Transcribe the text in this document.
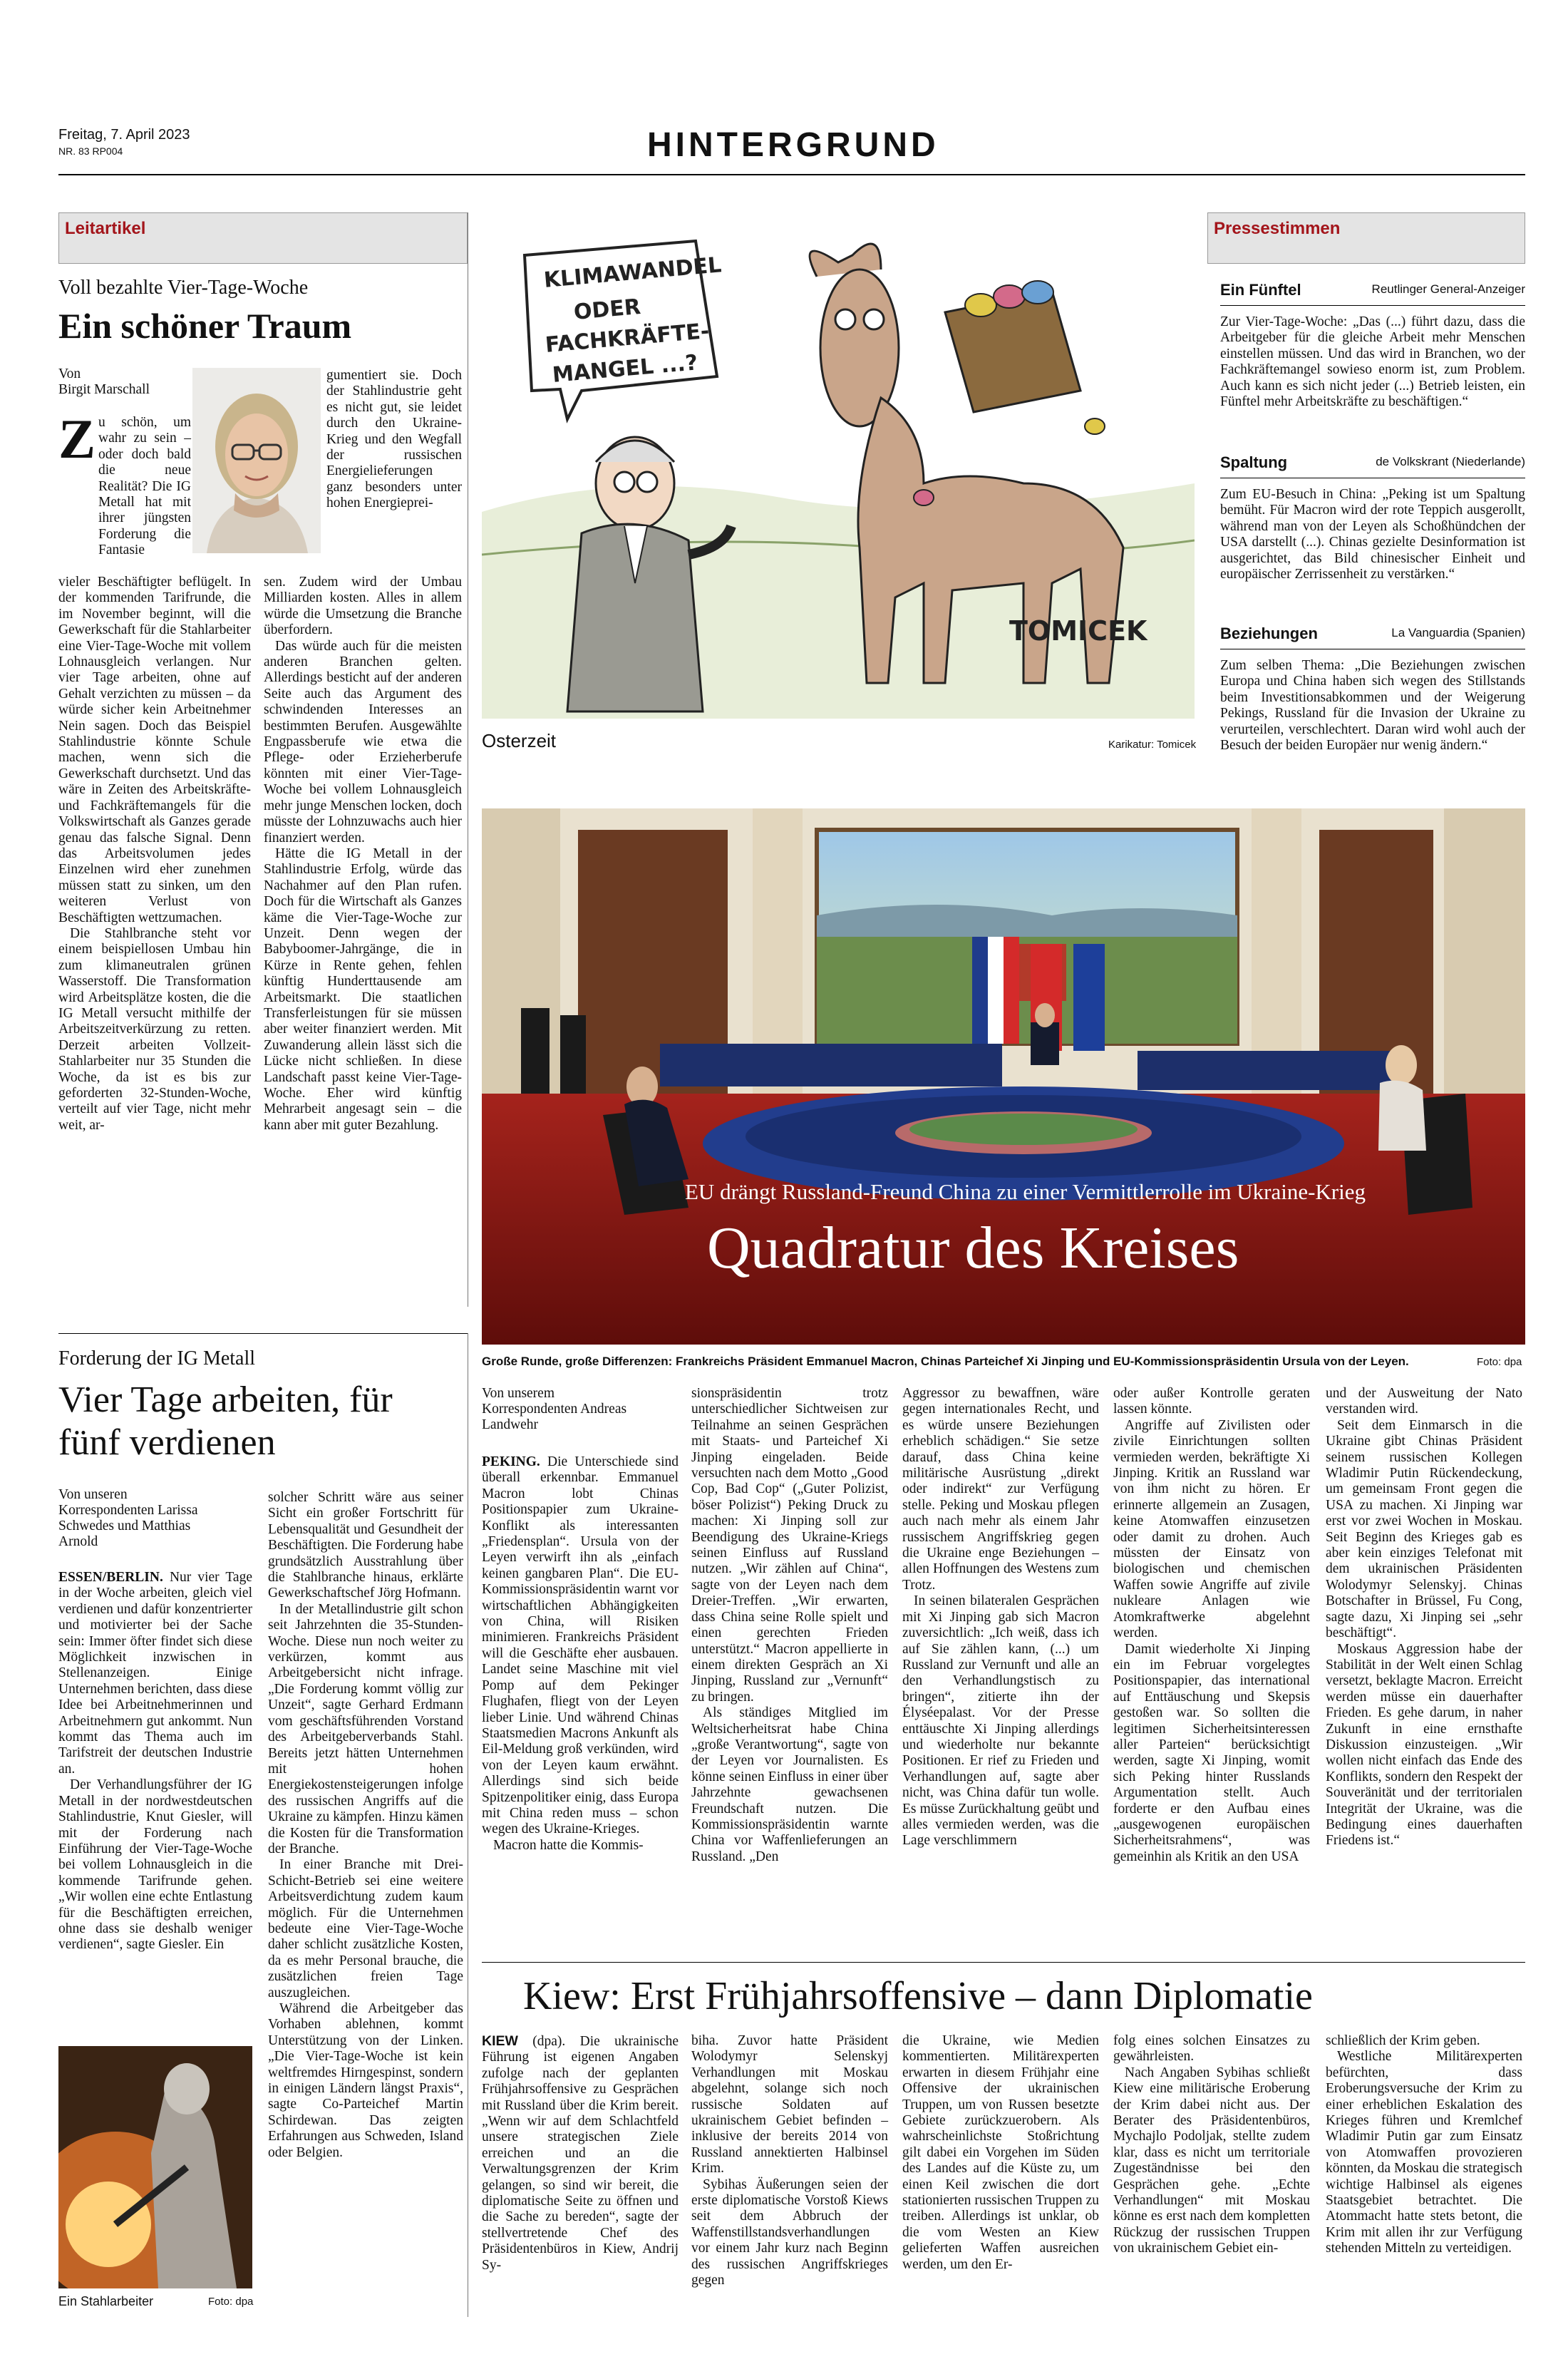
Freitag, 7. April 2023
NR. 83 RP004	HINTERGRUND
Leitartikel
Voll bezahlte Vier-Tage-Woche
Ein schöner Traum
Von
Birgit Marschall

Z u schön, um wahr zu sein – oder doch bald die neue Realität? Die IG Metall hat mit ihrer jüngsten Forderung die Fantasie

vieler Beschäftigter beflügelt. In der kommenden Tarifrunde, die im November beginnt, will die Gewerkschaft für die Stahlarbeiter eine Vier-Tage-Woche mit vollem Lohnausgleich verlangen. Nur vier Tage arbeiten, ohne auf Gehalt verzichten zu müssen – da würde sicher kein Arbeitnehmer Nein sagen. Doch das Beispiel Stahlindustrie könnte Schule machen, wenn sich die Gewerkschaft durchsetzt. Und das wäre in Zeiten des Arbeitskräfte- und Fachkräftemangels für die Volkswirtschaft als Ganzes gerade genau das falsche Signal. Denn das Arbeitsvolumen jedes Einzelnen wird eher zunehmen müssen statt zu sinken, um den weiteren Verlust von Beschäftigten wettzumachen.

Die Stahlbranche steht vor einem beispiellosen Umbau hin zum klimaneutralen grünen Wasserstoff. Die Transformation wird Arbeitsplätze kosten, die die IG Metall versucht mithilfe der Arbeitszeitverkürzung zu retten. Derzeit arbeiten Vollzeit-Stahlarbeiter nur 35 Stunden die Woche, da ist es bis zur geforderten 32-Stunden-Woche, verteilt auf vier Tage, nicht mehr weit, ar-

gumentiert sie. Doch der Stahlindustrie geht es nicht gut, sie leidet durch den Ukraine-Krieg und den Wegfall der russischen Energielieferungen ganz besonders unter hohen Energieprei-

sen. Zudem wird der Umbau Milliarden kosten. Alles in allem würde die Umsetzung die Branche überfordern.

Das würde auch für die meisten anderen Branchen gelten. Allerdings besticht auf der anderen Seite auch das Argument des schwindenden Interesses an bestimmten Berufen. Ausgewählte Engpassberufe wie etwa die Pflege- oder Erzieherberufe könnten mit einer Vier-Tage-Woche bei vollem Lohnausgleich mehr junge Menschen locken, doch müsste der Lohnzuwachs auch hier finanziert werden.

Hätte die IG Metall in der Stahlindustrie Erfolg, würde das Nachahmer auf den Plan rufen. Doch für die Wirtschaft als Ganzes käme die Vier-Tage-Woche zur Unzeit. Denn wegen der Babyboomer-Jahrgänge, die in Kürze in Rente gehen, fehlen künftig Hunderttausende am Arbeitsmarkt. Die staatlichen Transferleistungen für sie müssen aber weiter finanziert werden. Mit Zuwanderung allein lässt sich die Lücke nicht schließen. In diese Landschaft passt keine Vier-Tage-Woche. Eher wird künftig Mehrarbeit angesagt sein – die kann aber mit guter Bezahlung.

KLIMAWANDEL
ODER
FACHKRÄFTE-
MANGEL ...?
TOMICEK
Osterzeit	Karikatur: Tomicek
Pressestimmen
Ein Fünftel	Reutlinger General-Anzeiger
Zur Vier-Tage-Woche: „Das (...) führt dazu, dass die Arbeitgeber für die gleiche Arbeit mehr Menschen einstellen müssen. Und das wird in Branchen, wo der Fachkräftemangel sowieso enorm ist, zum Problem. Auch kann es sich nicht jeder (...) Betrieb leisten, ein Fünftel mehr Arbeitskräfte zu beschäftigen.“
Spaltung	de Volkskrant (Niederlande)
Zum EU-Besuch in China: „Peking ist um Spaltung bemüht. Für Macron wird der rote Teppich ausgerollt, während man von der Leyen als Schoßhündchen der USA darstellt (...). Chinas gezielte Desinformation ist ausgerichtet, das Bild chinesischer Einheit und europäischer Zerrissenheit zu verstärken.“
Beziehungen	La Vanguardia (Spanien)
Zum selben Thema: „Die Beziehungen zwischen Europa und China haben sich wegen des Stillstands beim Investitionsabkommen und der Weigerung Pekings, Russland für die Invasion der Ukraine zu verurteilen, verschlechtert. Daran wird wohl auch der Besuch der beiden Europäer nur wenig ändern.“
EU drängt Russland-Freund China zu einer Vermittlerrolle im Ukraine-Krieg
Quadratur des Kreises
Große Runde, große Differenzen: Frankreichs Präsident Emmanuel Macron, Chinas Parteichef Xi Jinping und EU-Kommissionspräsidentin Ursula von der Leyen.	Foto: dpa
Forderung der IG Metall
Vier Tage arbeiten, für fünf verdienen
Von unseren Korrespondenten Larissa Schwedes und Matthias Arnold

ESSEN/BERLIN. Nur vier Tage in der Woche arbeiten, gleich viel verdienen und dafür konzentrierter und motivierter bei der Sache sein: Immer öfter findet sich diese Möglichkeit inzwischen in Stellenanzeigen. Einige Unternehmen berichten, dass diese Idee bei Arbeitnehmerinnen und Arbeitnehmern gut ankommt. Nun kommt das Thema auch im Tarifstreit der deutschen Industrie an.

Der Verhandlungsführer der IG Metall in der nordwestdeutschen Stahlindustrie, Knut Giesler, will mit der Forderung nach Einführung der Vier-Tage-Woche bei vollem Lohnausgleich in die kommende Tarifrunde gehen. „Wir wollen eine echte Entlastung für die Beschäftigten erreichen, ohne dass sie deshalb weniger verdienen“, sagte Giesler. Ein

solcher Schritt wäre aus seiner Sicht ein großer Fortschritt für Lebensqualität und Gesundheit der Beschäftigten. Die Forderung habe grundsätzlich Ausstrahlung über die Stahlbranche hinaus, erklärte Gewerkschaftschef Jörg Hofmann.

In der Metallindustrie gilt schon seit Jahrzehnten die 35-Stunden-Woche. Diese nun noch weiter zu verkürzen, kommt aus Arbeitgebersicht nicht infrage. „Die Forderung kommt völlig zur Unzeit“, sagte Gerhard Erdmann vom geschäftsführenden Vorstand des Arbeitgeberverbands Stahl. Bereits jetzt hätten Unternehmen mit hohen Energiekostensteigerungen infolge des russischen Angriffs auf die Ukraine zu kämpfen. Hinzu kämen die Kosten für die Transformation der Branche.

In einer Branche mit Drei-Schicht-Betrieb sei eine weitere Arbeitsverdichtung zudem kaum möglich. Für die Unternehmen bedeute eine Vier-Tage-Woche daher schlicht zusätzliche Kosten, da es mehr Personal brauche, die zusätzlichen freien Tage auszugleichen.

Während die Arbeitgeber das Vorhaben ablehnen, kommt Unterstützung von der Linken. „Die Vier-Tage-Woche ist kein weltfremdes Hirngespinst, sondern in einigen Ländern längst Praxis“, sagte Co-Parteichef Martin Schirdewan. Das zeigten Erfahrungen aus Schweden, Island oder Belgien.

Ein Stahlarbeiter	Foto: dpa
Von unserem Korrespondenten Andreas Landwehr

PEKING. Die Unterschiede sind überall erkennbar. Emmanuel Macron lobt Chinas Positionspapier zum Ukraine-Konflikt als interessanten „Friedensplan“. Ursula von der Leyen verwirft ihn als „einfach keinen gangbaren Plan“. Die EU-Kommissionspräsidentin warnt vor wirtschaftlichen Abhängigkeiten von China, will Risiken minimieren. Frankreichs Präsident will die Geschäfte eher ausbauen. Landet seine Maschine mit viel Pomp auf dem Pekinger Flughafen, fliegt von der Leyen lieber Linie. Und während Chinas Staatsmedien Macrons Ankunft als Eil-Meldung groß verkünden, wird von der Leyen kaum erwähnt. Allerdings sind sich beide Spitzenpolitiker einig, dass Europa mit China reden muss – schon wegen des Ukraine-Krieges.

Macron hatte die Kommis-

sionspräsidentin trotz unterschiedlicher Sichtweisen zur Teilnahme an seinen Gesprächen mit Staats- und Parteichef Xi Jinping eingeladen. Beide versuchten nach dem Motto „Good Cop, Bad Cop“ („Guter Polizist, böser Polizist“) Peking Druck zu machen: Xi Jinping soll zur Beendigung des Ukraine-Kriegs seinen Einfluss auf Russland nutzen. „Wir zählen auf China“, sagte von der Leyen nach dem Dreier-Treffen. „Wir erwarten, dass China seine Rolle spielt und einen gerechten Frieden unterstützt.“ Macron appellierte in einem direkten Gespräch an Xi Jinping, Russland zur „Vernunft“ zu bringen.

Als ständiges Mitglied im Weltsicherheitsrat habe China „große Verantwortung“, sagte von der Leyen vor Journalisten. Es könne seinen Einfluss in einer über Jahrzehnte gewachsenen Freundschaft nutzen. Die Kommissionspräsidentin warnte China vor Waffenlieferungen an Russland. „Den

Aggressor zu bewaffnen, wäre gegen internationales Recht, und es würde unsere Beziehungen erheblich schädigen.“ Sie setze darauf, dass China keine militärische Ausrüstung „direkt oder indirekt“ zur Verfügung stelle. Peking und Moskau pflegen auch nach mehr als einem Jahr russischem Angriffskrieg gegen die Ukraine enge Beziehungen – allen Hoffnungen des Westens zum Trotz.

In seinen bilateralen Gesprächen mit Xi Jinping gab sich Macron zuversichtlich: „Ich weiß, dass ich auf Sie zählen kann, (...) um Russland zur Vernunft und alle an den Verhandlungstisch zu bringen“, zitierte ihn der Élyséepalast. Vor der Presse enttäuschte Xi Jinping allerdings und wiederholte nur bekannte Positionen. Er rief zu Frieden und Verhandlungen auf, sagte aber nicht, was China dafür tun wolle. Es müsse Zurückhaltung geübt und alles vermieden werden, was die Lage verschlimmern

oder außer Kontrolle geraten lassen könnte.

Angriffe auf Zivilisten oder zivile Einrichtungen sollten vermieden werden, bekräftigte Xi Jinping. Kritik an Russland war von ihm nicht zu hören. Er erinnerte allgemein an Zusagen, keine Atomwaffen einzusetzen oder damit zu drohen. Auch müssten der Einsatz von biologischen und chemischen Waffen sowie Angriffe auf zivile nukleare Anlagen wie Atomkraftwerke abgelehnt werden.

Damit wiederholte Xi Jinping ein im Februar vorgelegtes Positionspapier, das international auf Enttäuschung und Skepsis gestoßen war. So sollten die legitimen Sicherheitsinteressen aller Parteien“ berücksichtigt werden, sagte Xi Jinping, womit sich Peking hinter Russlands Argumentation stellt. Auch forderte er den Aufbau eines „ausgewogenen europäischen Sicherheitsrahmens“, was gemeinhin als Kritik an den USA

und der Ausweitung der Nato verstanden wird.

Seit dem Einmarsch in die Ukraine gibt Chinas Präsident seinem russischen Kollegen Wladimir Putin Rückendeckung, um gemeinsam Front gegen die USA zu machen. Xi Jinping war erst vor zwei Wochen in Moskau. Seit Beginn des Krieges gab es aber kein einziges Telefonat mit dem ukrainischen Präsidenten Wolodymyr Selenskyj. Chinas Botschafter in Brüssel, Fu Cong, sagte dazu, Xi Jinping sei „sehr beschäftigt“.

Moskaus Aggression habe der Stabilität in der Welt einen Schlag versetzt, beklagte Macron. Erreicht werden müsse ein dauerhafter Frieden. Es gehe darum, in naher Zukunft in eine ernsthafte Diskussion einzusteigen. „Wir wollen nicht einfach das Ende des Konflikts, sondern den Respekt der Souveränität und der territorialen Integrität der Ukraine, was die Bedingung eines dauerhaften Friedens ist.“

Kiew: Erst Frühjahrsoffensive – dann Diplomatie

KIEW (dpa). Die ukrainische Führung ist eigenen Angaben zufolge nach der geplanten Frühjahrsoffensive zu Gesprächen mit Russland über die Krim bereit. „Wenn wir auf dem Schlachtfeld unsere strategischen Ziele erreichen und an die Verwaltungsgrenzen der Krim gelangen, so sind wir bereit, die diplomatische Seite zu öffnen und die Sache zu bereden“, sagte der stellvertretende Chef des Präsidentenbüros in Kiew, Andrij Sy-

biha. Zuvor hatte Präsident Wolodymyr Selenskyj Verhandlungen mit Moskau abgelehnt, solange sich noch russische Soldaten auf ukrainischem Gebiet befinden – inklusive der bereits 2014 von Russland annektierten Halbinsel Krim.

Sybihas Äußerungen seien der erste diplomatische Vorstoß Kiews seit dem Abbruch der Waffenstillstandsverhandlungen vor einem Jahr kurz nach Beginn des russischen Angriffskrieges gegen

die Ukraine, wie Medien kommentierten. Militärexperten erwarten in diesem Frühjahr eine Offensive der ukrainischen Truppen, um von Russen besetzte Gebiete zurückzuerobern. Als wahrscheinlichste Stoßrichtung gilt dabei ein Vorgehen im Süden des Landes auf die Küste zu, um einen Keil zwischen die dort stationierten russischen Truppen zu treiben. Allerdings ist unklar, ob die vom Westen an Kiew gelieferten Waffen ausreichen werden, um den Er-

folg eines solchen Einsatzes zu gewährleisten.

Nach Angaben Sybihas schließt Kiew eine militärische Eroberung der Krim dabei nicht aus. Der Berater des Präsidentenbüros, Mychajlo Podoljak, stellte zudem klar, dass es nicht um territoriale Zugeständnisse bei den Gesprächen gehe. „Echte Verhandlungen“ mit Moskau könne es erst nach dem kompletten Rückzug der russischen Truppen von ukrainischem Gebiet ein-

schließlich der Krim geben.

Westliche Militärexperten befürchten, dass Eroberungsversuche der Krim zu einer erheblichen Eskalation des Krieges führen und Kremlchef Wladimir Putin gar zum Einsatz von Atomwaffen provozieren könnten, da Moskau die strategisch wichtige Halbinsel als eigenes Staatsgebiet betrachtet. Die Atommacht hatte stets betont, die Krim mit allen ihr zur Verfügung stehenden Mitteln zu verteidigen.
